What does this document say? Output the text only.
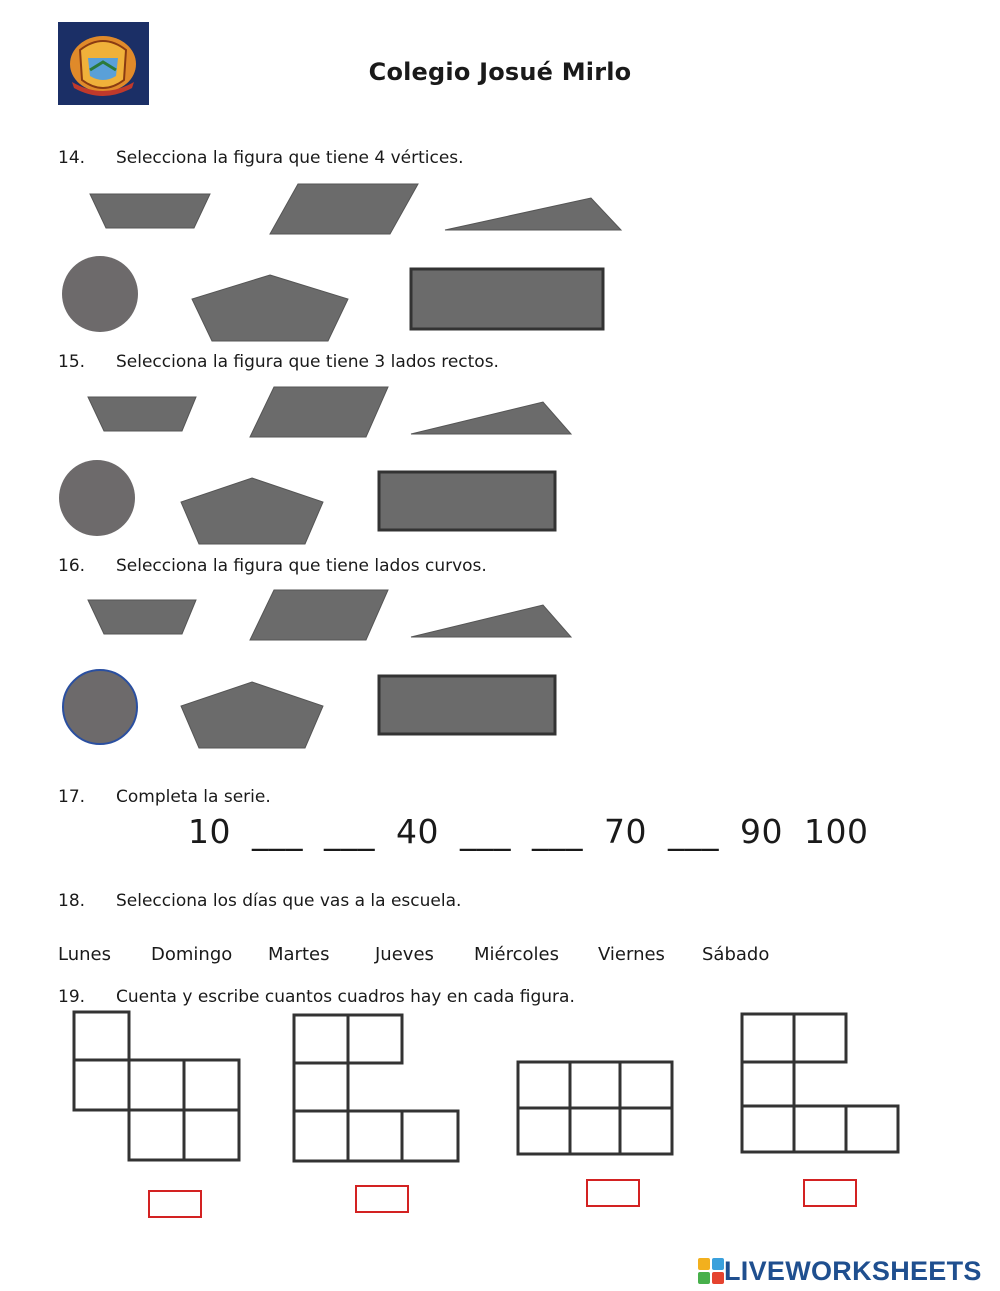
Colegio Josué Mirlo
14. Selecciona la figura que tiene 4 vértices.
15. Selecciona la figura que tiene 3 lados rectos.
16. Selecciona la figura que tiene lados curvos.
17. Completa la serie.
10 ___ ___ 40 ___ ___ 70 ___ 90 100
18. Selecciona los días que vas a la escuela.
Lunes Domingo Martes	Jueves Miércoles Viernes Sábado
19. Cuenta y escribe cuantos cuadros hay en cada figura.
LIVEWORKSHEETS
